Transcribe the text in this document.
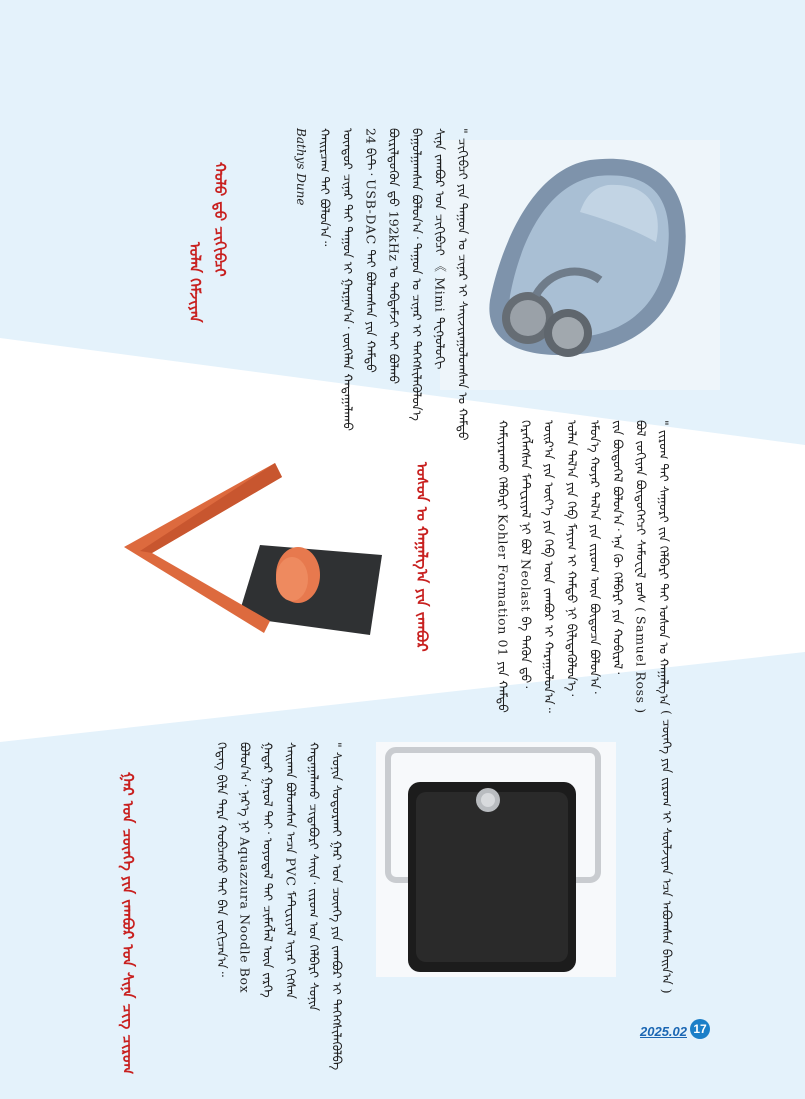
" ᠴᠢᠬᠢᠪᠴᠢ ᠶᠢᠨ ᠳᠠᠭᠤᠨ ᠤ ᠴᠢᠨᠠᠷ ᠢ ᠰᠠᠢᠵᠢᠷᠠᠭᠤᠯᠤᠭᠰᠠᠨ ᠤ ᠬᠠᠮᠲᠤ
ᠰᠢᠨᠡ ᠵᠠᠭᠪᠤᠷ ᠤᠨ ᠴᠢᠬᠢᠪᠴᠢ 《 Mimi ᠲᠧᠭᠨᠣᠯᠣᠭᠢ
ᠪᠠᠭᠤᠯᠭᠠᠭᠰᠠᠨ ᠪᠣᠯᠤᠨ᠎ᠠ᠂ ᠳᠠᠭᠤᠨ ᠤ ᠴᠢᠨᠠᠷ ᠢ ᠳᠡᠭᠡᠭᠰᠢᠯᠡᠭᠦᠯᠦᠨ᠎ᠡ
ᠪᠦᠷᠢᠯᠳᠦᠭᠦᠨ ᠳ᠋ᠤ 192kHz ᠤ ᠳᠠᠪᠲᠠᠮᠵᠢ ᠲᠠᠢ ᠪᠣᠯᠬᠤ
24 ᠪᠢᠲ᠂ USB-DAC ᠲᠠᠢ ᠪᠣᠯᠤᠭᠰᠠᠨ ᠶᠢᠨ ᠬᠠᠮᠲᠤ
ᠦᠨᠳᠦᠷ ᠴᠢᠨᠠᠷ ᠲᠠᠢ ᠳᠠᠭᠤᠨ ᠢ ᠭᠠᠷᠭᠠᠨ᠎ᠠ᠂ ᠵᠥᠭᠡᠯᠡᠨ ᠬᠠᠳᠠᠭᠠᠯᠠᠬᠤ
ᠬᠠᠢᠷᠴᠠᠭ ᠲᠠᠢ ᠪᠣᠯᠤᠨ᠎ᠠ᠃
Bathys Dune
ᠬᠣᠯᠣ ᠳ᠋ᠤ ᠴᠢᠬᠢᠪᠴᠢ
ᠤᠯᠠᠨ ᠬᠡᠮᠵᠢᠶᠡᠨ
" ᠵᠢᠷᠤᠭ ᠲᠠᠢ ᠰᠠᠭᠤᠷᠢ ᠵᠢᠨ ᠬᠡᠯᠪᠡᠷᠢ ᠲᠠᠢ ᠤᠰᠤᠨ ᠤ ᠬᠠᠭᠠᠯᠭ᠎ᠠ
ᠪᠣᠯ ᠵᠣᠬᠢᠶᠠᠨ ᠪᠦᠲᠦᠭᠡᠭᠴᠢ ᠰᠠᠮᠦᠸᠧᠯ ᠷᠣᠰ ( Samuel Ross )
ᠵᠢᠨ ᠪᠦᠲᠦᠭᠡᠯ ᠪᠣᠯᠤᠨ᠎ᠠ᠂ ᠡᠨᠡ ᠬᠦ ᠬᠡᠯᠪᠡᠷᠢ ᠶᠢᠨ ᠬᠤᠪᠢᠷᠠᠯ᠂
ᠡᠮᠦᠨ᠎ᠡ ᠬᠣᠶᠠᠷ ᠲᠠᠯ᠎ᠠ ᠶᠢᠨ ᠵᠢᠷᠤᠭ ᠦᠨ ᠪᠦᠲᠦᠴᠡ ᠪᠣᠯᠤᠨ᠎ᠠ᠂
ᠣᠯᠠᠨ ᠲᠠᠯ᠎ᠠ ᠶᠢᠨ ᠬᠡᠪ ᠮᠠᠶᠢᠭ ᠢ ᠬᠠᠮᠲᠤ ᠨᠢ ᠪᠢᠯᠢᠳᠡᠭᠦᠯᠦᠨ᠎ᠡ᠂
ᠣᠢᠷ᠎ᠠ ᠶᠢᠨ ᠦᠶ᠎ᠡ ᠶᠢᠨ ᠬᠡᠪ ᠦᠨ ᠵᠠᠭᠪᠤᠷ ᠢ ᠬᠠᠷᠠᠭᠤᠯᠤᠨ᠎ᠠ᠃
ᠬᠡᠷᠡᠭᠯᠡᠭᠰᠡᠨ ᠮᠠᠲ᠋ᠸᠷᠢᠶᠠᠯ ᠨᠢ ᠪᠣᠯ Neolast ᠪᠠ ᠲᠡᠭᠦᠨ ᠳ᠋ᠤ᠂
ᠬᠠᠮᠢᠶᠠᠷᠠᠬᠤ ᠬᠡᠯᠪᠡᠷᠢ Kohler Formation 01 ᠶᠢᠨ ᠬᠠᠮᠲᠤ
ᠤᠰᠤᠨ ᠤ ᠬᠠᠭᠠᠯᠭ᠎ᠠ ᠶᠢᠨ ᠵᠠᠭᠪᠤᠷ
( ᠴᠦᠨᠬᠡ ᠶᠢᠨ ᠵᠢᠷᠤᠭ ᠢ ᠰᠦᠯᠵᠢᠶᠡᠨ ᠡᠴᠡ ᠠᠪᠤᠭᠰᠠᠨ ᠪᠠᠢᠨ᠎ᠠ )
" ᠰᠣᠨᠢᠨ ᠰᠣᠳᠤᠷᠬᠠᠢ ᠭᠠᠷ ᠤᠨ ᠴᠦᠨᠬᠡ ᠶᠢᠨ ᠵᠠᠭᠪᠤᠷ ᠢ ᠳᠡᠭᠡᠭᠰᠢᠯᠡᠭᠦᠯᠪᠡ
ᠬᠠᠳᠠᠭᠠᠯᠠᠬᠤ ᠴᠢᠳᠠᠪᠤᠷᠢ ᠰᠠᠢᠨ᠂ ᠵᠢᠷᠤᠭ ᠤᠨ ᠬᠡᠯᠪᠡᠷᠢ ᠰᠣᠨᠢᠨ
ᠰᠠᠢᠬᠠᠨ ᠪᠣᠯᠤᠭᠰᠠᠨ ᠠᠴᠠ PVC ᠮᠠᠲ᠋ᠸᠷᠢᠶᠠᠯ ᠢᠶᠠᠷ ᠬᠢᠭᠰᠡᠨ
ᠭᠠᠳᠠᠷ ᠭᠠᠷᠤᠯ ᠲᠠᠢ᠂ ᠣᠶᠤᠳᠠᠯ ᠲᠠᠢ ᠴᠢᠮᠡᠭᠯᠡᠯ ᠦᠨ ᠵᠡᠷᠭᠡ
ᠪᠣᠯᠤᠨ᠎ᠠ᠂ ᠨᠡᠷ᠎ᠡ ᠨᠢ Aquazzura Noodle Box
ᠭᠡᠳᠡᠭ ᠪᠢᠯᠡ ᠲᠡᠷᠡ ᠬᠤᠪᠴᠠᠰᠤ ᠲᠠᠢ ᠪᠠᠨ ᠵᠣᠬᠢᠴᠠᠨ᠎ᠠ᠃
ᠭᠠᠷ ᠤᠨ ᠴᠦᠨᠬᠡ ᠶᠢᠨ ᠵᠠᠭᠪᠤᠷ ᠤᠨ ᠰᠢᠨᠡ ᠴᠢᠭ ᠴᠢᠷᠤᠭ	2025.02 17
